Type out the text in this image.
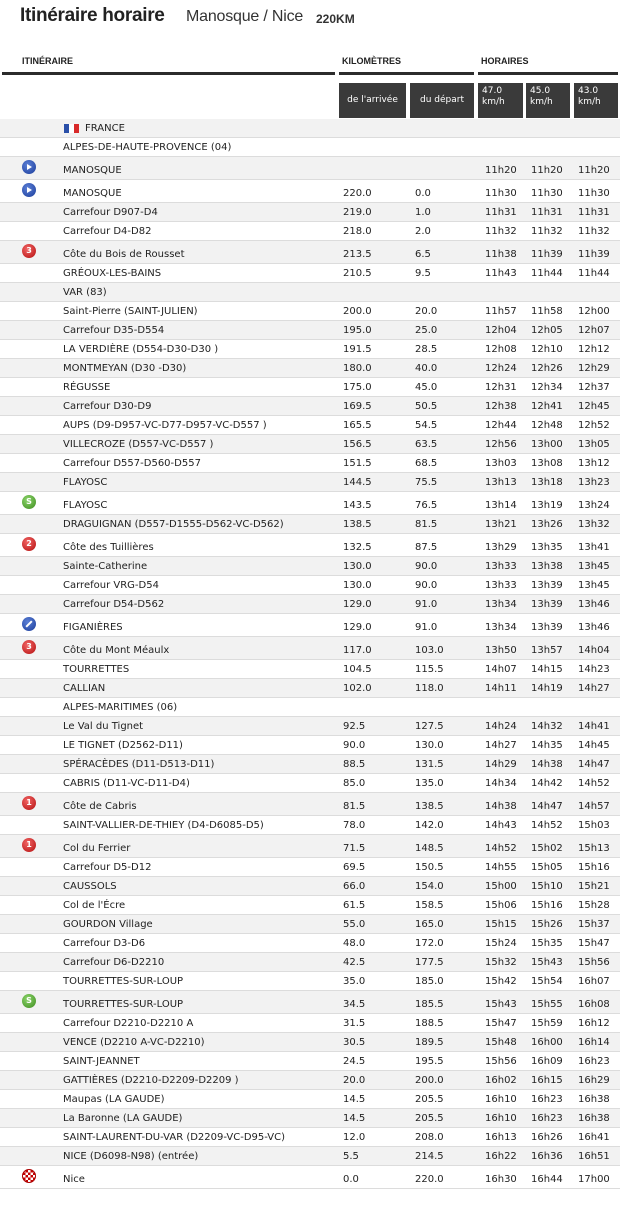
Itinéraire horaire Manosque / Nice 220KM
ITINÉRAIRE	KILOMÈTRES	HORAIRES
de l'arrivée	du départ
47.0
km/h
45.0
km/h
43.0
km/h
FRANCE
ALPES-DE-HAUTE-PROVENCE (04)
MANOSQUE	11h20 11h20 11h20
MANOSQUE	220.0	0.0	11h30 11h30 11h30
Carrefour D907-D4	219.0	1.0	11h31 11h31 11h31
Carrefour D4-D82	218.0	2.0	11h32 11h32 11h32
3	Côte du Bois de Rousset	213.5	6.5	11h38 11h39 11h39
GRÉOUX-LES-BAINS	210.5	9.5	11h43 11h44 11h44
VAR (83)
Saint-Pierre (SAINT-JULIEN)	200.0	20.0	11h57 11h58 12h00
Carrefour D35-D554	195.0	25.0	12h04 12h05 12h07
LA VERDIÈRE (D554-D30-D30 )	191.5	28.5	12h08 12h10 12h12
MONTMEYAN (D30 -D30)	180.0	40.0	12h24 12h26 12h29
RÉGUSSE	175.0	45.0	12h31 12h34 12h37
Carrefour D30-D9	169.5	50.5	12h38 12h41 12h45
AUPS (D9-D957-VC-D77-D957-VC-D557 )	165.5	54.5	12h44 12h48 12h52
VILLECROZE (D557-VC-D557 )	156.5	63.5	12h56 13h00 13h05
Carrefour D557-D560-D557	151.5	68.5	13h03 13h08 13h12
FLAYOSC	144.5	75.5	13h13 13h18 13h23
S	FLAYOSC	143.5	76.5	13h14 13h19 13h24
DRAGUIGNAN (D557-D1555-D562-VC-D562)	138.5	81.5	13h21 13h26 13h32
2	Côte des Tuillières	132.5	87.5	13h29 13h35 13h41
Sainte-Catherine	130.0	90.0	13h33 13h38 13h45
Carrefour VRG-D54	130.0	90.0	13h33 13h39 13h45
Carrefour D54-D562	129.0	91.0	13h34 13h39 13h46
FIGANIÈRES	129.0	91.0	13h34 13h39 13h46
3	Côte du Mont Méaulx	117.0	103.0	13h50 13h57 14h04
TOURRETTES	104.5	115.5	14h07 14h15 14h23
CALLIAN	102.0	118.0	14h11 14h19 14h27
ALPES-MARITIMES (06)
Le Val du Tignet	92.5	127.5	14h24 14h32 14h41
LE TIGNET (D2562-D11)	90.0	130.0	14h27 14h35 14h45
SPÉRACÈDES (D11-D513-D11)	88.5	131.5	14h29 14h38 14h47
CABRIS (D11-VC-D11-D4)	85.0	135.0	14h34 14h42 14h52
1	Côte de Cabris	81.5	138.5	14h38 14h47 14h57
SAINT-VALLIER-DE-THIEY (D4-D6085-D5)	78.0	142.0	14h43 14h52 15h03
1	Col du Ferrier	71.5	148.5	14h52 15h02 15h13
Carrefour D5-D12	69.5	150.5	14h55 15h05 15h16
CAUSSOLS	66.0	154.0	15h00 15h10 15h21
Col de l'Écre	61.5	158.5	15h06 15h16 15h28
GOURDON Village	55.0	165.0	15h15 15h26 15h37
Carrefour D3-D6	48.0	172.0	15h24 15h35 15h47
Carrefour D6-D2210	42.5	177.5	15h32 15h43 15h56
TOURRETTES-SUR-LOUP	35.0	185.0	15h42 15h54 16h07
S	TOURRETTES-SUR-LOUP	34.5	185.5	15h43 15h55 16h08
Carrefour D2210-D2210 A	31.5	188.5	15h47 15h59 16h12
VENCE (D2210 A-VC-D2210)	30.5	189.5	15h48 16h00 16h14
SAINT-JEANNET	24.5	195.5	15h56 16h09 16h23
GATTIÈRES (D2210-D2209-D2209 )	20.0	200.0	16h02 16h15 16h29
Maupas (LA GAUDE)	14.5	205.5	16h10 16h23 16h38
La Baronne (LA GAUDE)	14.5	205.5	16h10 16h23 16h38
SAINT-LAURENT-DU-VAR (D2209-VC-D95-VC)	12.0	208.0	16h13 16h26 16h41
NICE (D6098-N98) (entrée)	5.5	214.5	16h22 16h36 16h51
Nice	0.0	220.0	16h30 16h44 17h00
